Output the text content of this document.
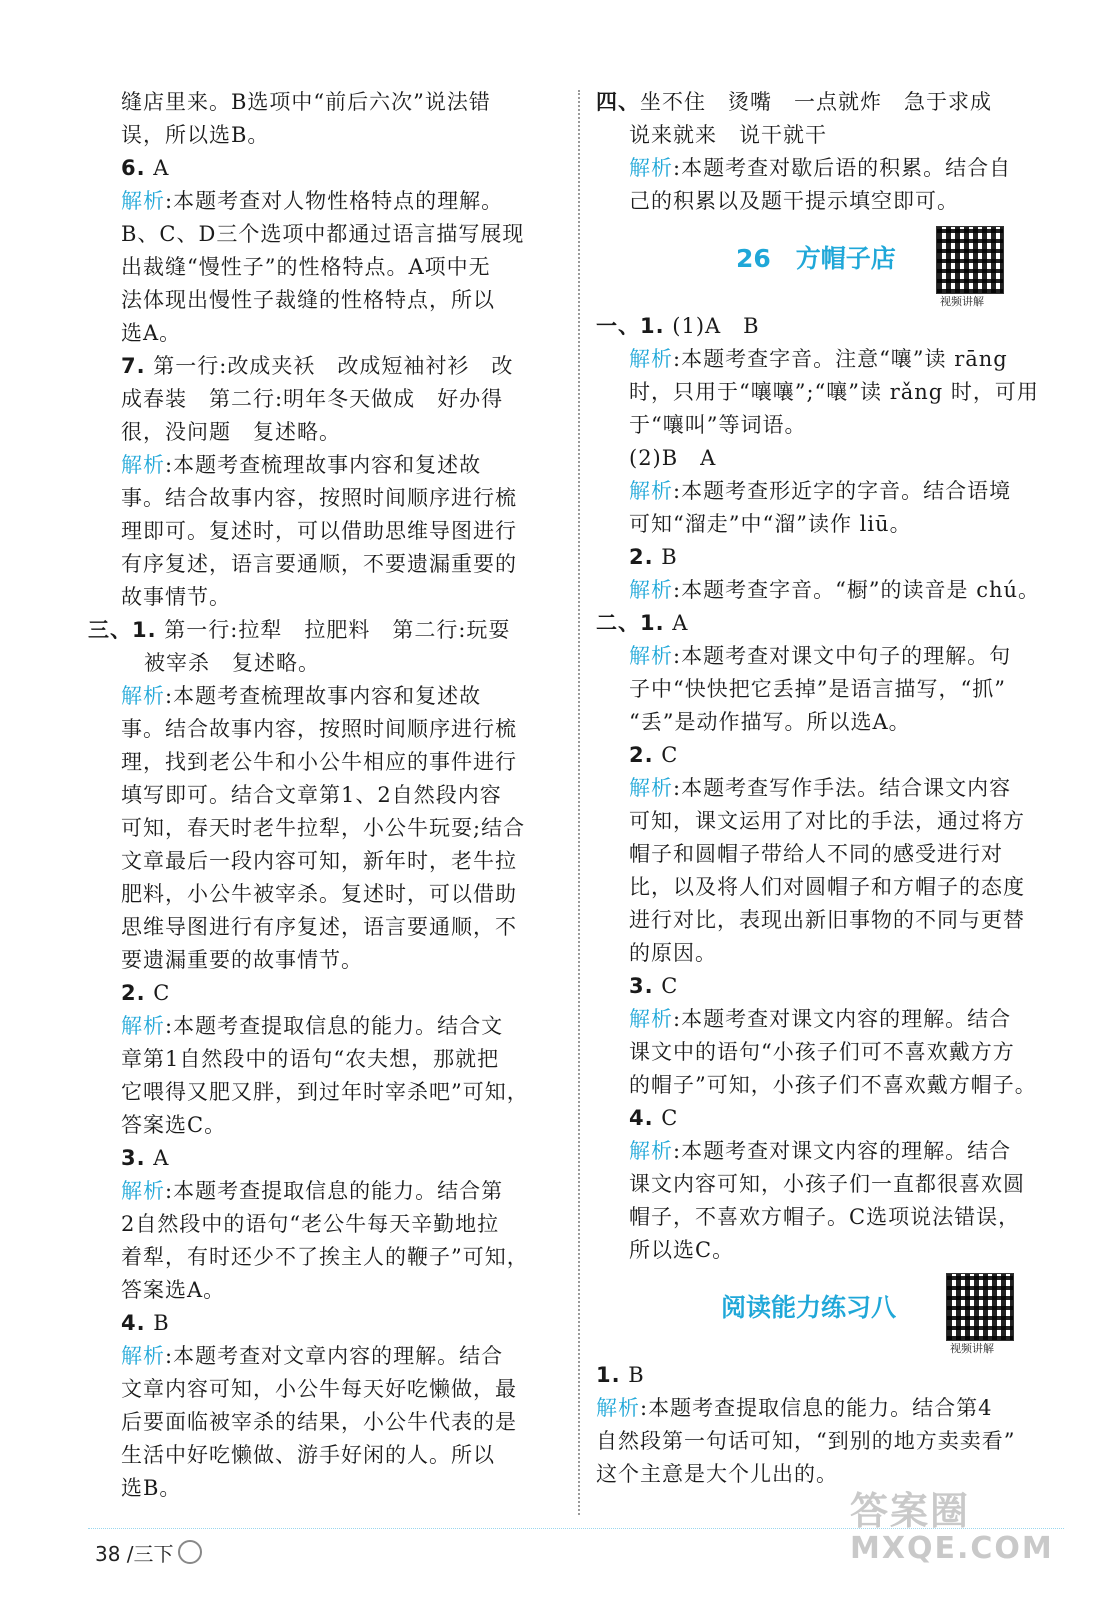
缝店里来。B选项中“前后六次”说法错
误，所以选B。
6. A
解析:本题考查对人物性格特点的理解。
B、C、D三个选项中都通过语言描写展现
出裁缝“慢性子”的性格特点。A项中无
法体现出慢性子裁缝的性格特点，所以
选A。
7. 第一行:改成夹袄　改成短袖衬衫　改
成春装　第二行:明年冬天做成　好办得
很，没问题　复述略。
解析:本题考查梳理故事内容和复述故
事。结合故事内容，按照时间顺序进行梳
理即可。复述时，可以借助思维导图进行
有序复述，语言要通顺，不要遗漏重要的
故事情节。
三、1. 第一行:拉犁　拉肥料　第二行:玩耍
被宰杀　复述略。
解析:本题考查梳理故事内容和复述故
事。结合故事内容，按照时间顺序进行梳
理，找到老公牛和小公牛相应的事件进行
填写即可。结合文章第1、2自然段内容
可知，春天时老牛拉犁，小公牛玩耍;结合
文章最后一段内容可知，新年时，老牛拉
肥料，小公牛被宰杀。复述时，可以借助
思维导图进行有序复述，语言要通顺，不
要遗漏重要的故事情节。
2. C
解析:本题考查提取信息的能力。结合文
章第1自然段中的语句“农夫想，那就把
它喂得又肥又胖，到过年时宰杀吧”可知，
答案选C。
3. A
解析:本题考查提取信息的能力。结合第
2自然段中的语句“老公牛每天辛勤地拉
着犁，有时还少不了挨主人的鞭子”可知，
答案选A。
4. B
解析:本题考查对文章内容的理解。结合
文章内容可知，小公牛每天好吃懒做，最
后要面临被宰杀的结果，小公牛代表的是
生活中好吃懒做、游手好闲的人。所以
选B。
四、坐不住　烫嘴　一点就炸　急于求成
说来就来　说干就干
解析:本题考查对歇后语的积累。结合自
己的积累以及题干提示填空即可。
26　方帽子店
视频讲解
一、1. (1)A　B
解析:本题考查字音。注意“嚷”读 rāng
时，只用于“嚷嚷”;“嚷”读 rǎng 时，可用
于“嚷叫”等词语。
(2)B　A
解析:本题考查形近字的字音。结合语境
可知“溜走”中“溜”读作 liū。
2. B
解析:本题考查字音。“橱”的读音是 chú。
二、1. A
解析:本题考查对课文中句子的理解。句
子中“快快把它丢掉”是语言描写，“抓”
“丢”是动作描写。所以选A。
2. C
解析:本题考查写作手法。结合课文内容
可知，课文运用了对比的手法，通过将方
帽子和圆帽子带给人不同的感受进行对
比，以及将人们对圆帽子和方帽子的态度
进行对比，表现出新旧事物的不同与更替
的原因。
3. C
解析:本题考查对课文内容的理解。结合
课文中的语句“小孩子们可不喜欢戴方方
的帽子”可知，小孩子们不喜欢戴方帽子。
4. C
解析:本题考查对课文内容的理解。结合
课文内容可知，小孩子们一直都很喜欢圆
帽子，不喜欢方帽子。C选项说法错误，
所以选C。
阅读能力练习八
视频讲解
1. B
解析:本题考查提取信息的能力。结合第4
自然段第一句话可知，“到别的地方卖卖看”
这个主意是大个儿出的。
38 /三下
答案圈
MXQE.COM
